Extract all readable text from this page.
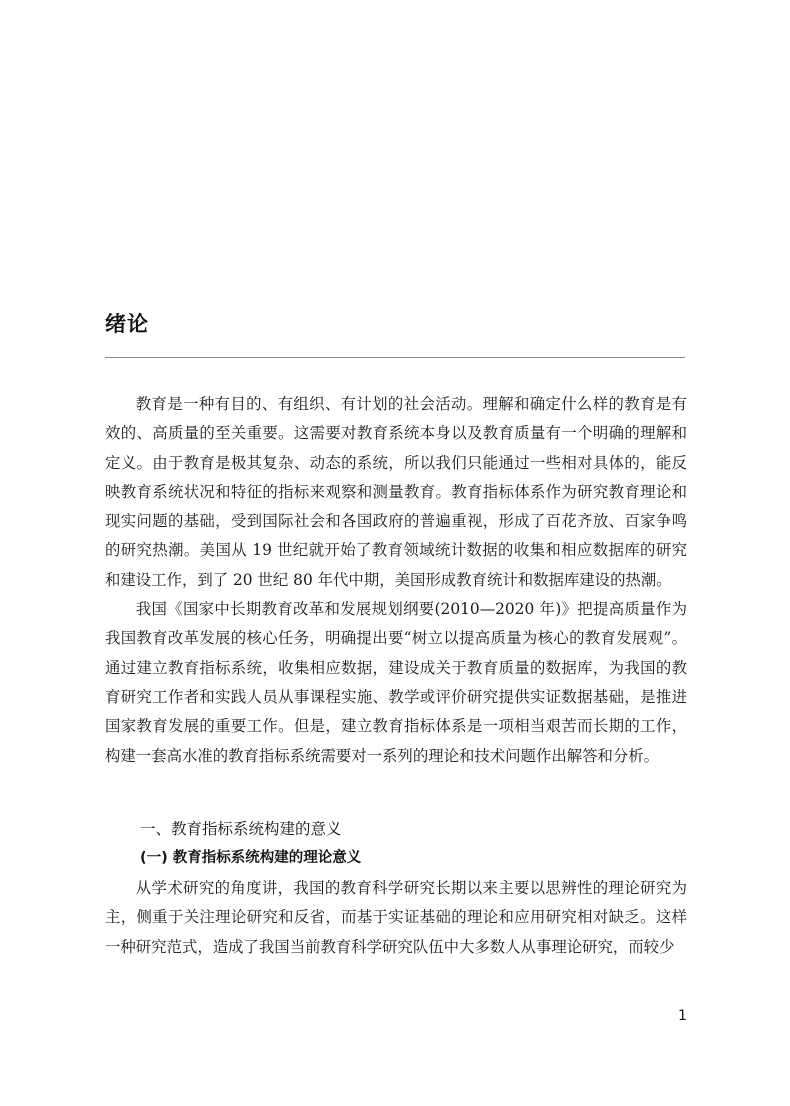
绪论

教育是一种有目的、有组织、有计划的社会活动。理解和确定什么样的教育是有效的、高质量的至关重要。这需要对教育系统本身以及教育质量有一个明确的理解和定义。由于教育是极其复杂、动态的系统，所以我们只能通过一些相对具体的，能反映教育系统状况和特征的指标来观察和测量教育。教育指标体系作为研究教育理论和现实问题的基础，受到国际社会和各国政府的普遍重视，形成了百花齐放、百家争鸣的研究热潮。美国从 19 世纪就开始了教育领域统计数据的收集和相应数据库的研究和建设工作，到了 20 世纪 80 年代中期，美国形成教育统计和数据库建设的热潮。

我国《国家中长期教育改革和发展规划纲要(2010—2020 年)》把提高质量作为我国教育改革发展的核心任务，明确提出要“树立以提高质量为核心的教育发展观”。通过建立教育指标系统，收集相应数据，建设成关于教育质量的数据库，为我国的教育研究工作者和实践人员从事课程实施、教学或评价研究提供实证数据基础，是推进国家教育发展的重要工作。但是，建立教育指标体系是一项相当艰苦而长期的工作，构建一套高水准的教育指标系统需要对一系列的理论和技术问题作出解答和分析。

一、教育指标系统构建的意义
(一) 教育指标系统构建的理论意义

从学术研究的角度讲，我国的教育科学研究长期以来主要以思辨性的理论研究为主，侧重于关注理论研究和反省，而基于实证基础的理论和应用研究相对缺乏。这样一种研究范式，造成了我国当前教育科学研究队伍中大多数人从事理论研究，而较少

1
